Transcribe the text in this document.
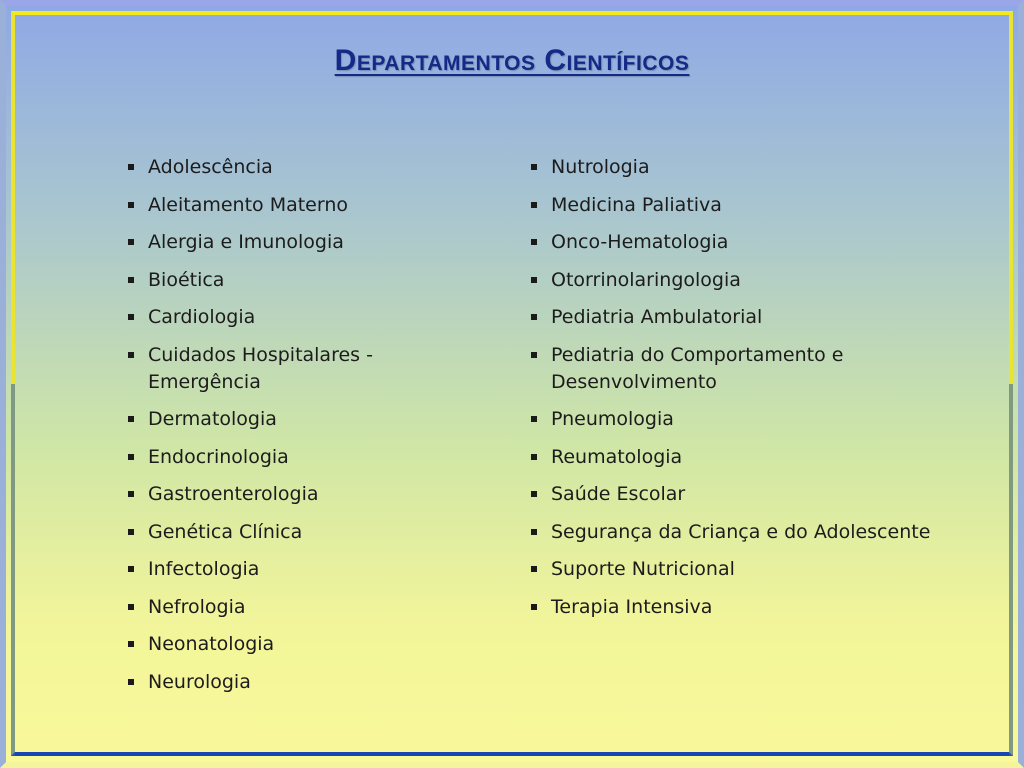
Departamentos Científicos
Adolescência
Aleitamento Materno
Alergia e Imunologia
Bioética
Cardiologia
Cuidados Hospitalares - Emergência
Dermatologia
Endocrinologia
Gastroenterologia
Genética Clínica
Infectologia
Nefrologia
Neonatologia
Neurologia
Nutrologia
Medicina Paliativa
Onco-Hematologia
Otorrinolaringologia
Pediatria Ambulatorial
Pediatria do Comportamento e Desenvolvimento
Pneumologia
Reumatologia
Saúde Escolar
Segurança da Criança e do Adolescente
Suporte Nutricional
Terapia Intensiva
